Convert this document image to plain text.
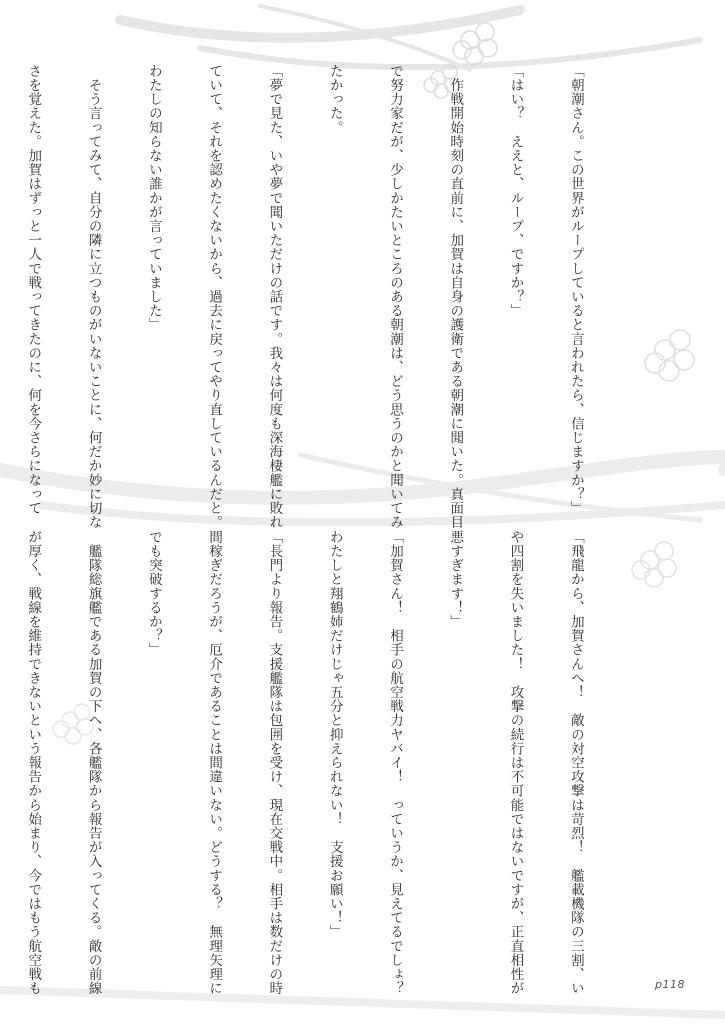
「朝潮さん。この世界がループしていると言われたら、信じますか？」

「はい？　ええと、ループ、ですか？」

　作戦開始時刻の直前に、加賀は自身の護衛である朝潮に聞いた。真面目

で努力家だが、少しかたいところのある朝潮は、どう思うのかと聞いてみ

たかった。

「夢で見た、いや夢で聞いただけの話です。我々は何度も深海棲艦に敗れ

ていて、それを認めたくないから、過去に戻ってやり直しているんだと。

わたしの知らない誰かが言っていました」

　そう言ってみて、自分の隣に立つものがいないことに、何だか妙に切な

さを覚えた。加賀はずっと一人で戦ってきたのに、何を今さらになって

「飛龍から、加賀さんへ！　敵の対空攻撃は苛烈！　艦載機隊の三割、い

や四割を失いました！　攻撃の続行は不可能ではないですが、正直相性が

悪すぎます！」

「加賀さん！　相手の航空戦力ヤバイ！　っていうか、見えてるでしょ？

わたしと翔鶴姉だけじゃ五分と抑えられない！　支援お願い！」

「長門より報告。支援艦隊は包囲を受け、現在交戦中。相手は数だけの時

間稼ぎだろうが、厄介であることは間違いない。どうする？　無理矢理に

でも突破するか？」

　艦隊総旗艦である加賀の下へ、各艦隊から報告が入ってくる。敵の前線

が厚く、戦線を維持できないという報告から始まり、今ではもう航空戦も

	p118
